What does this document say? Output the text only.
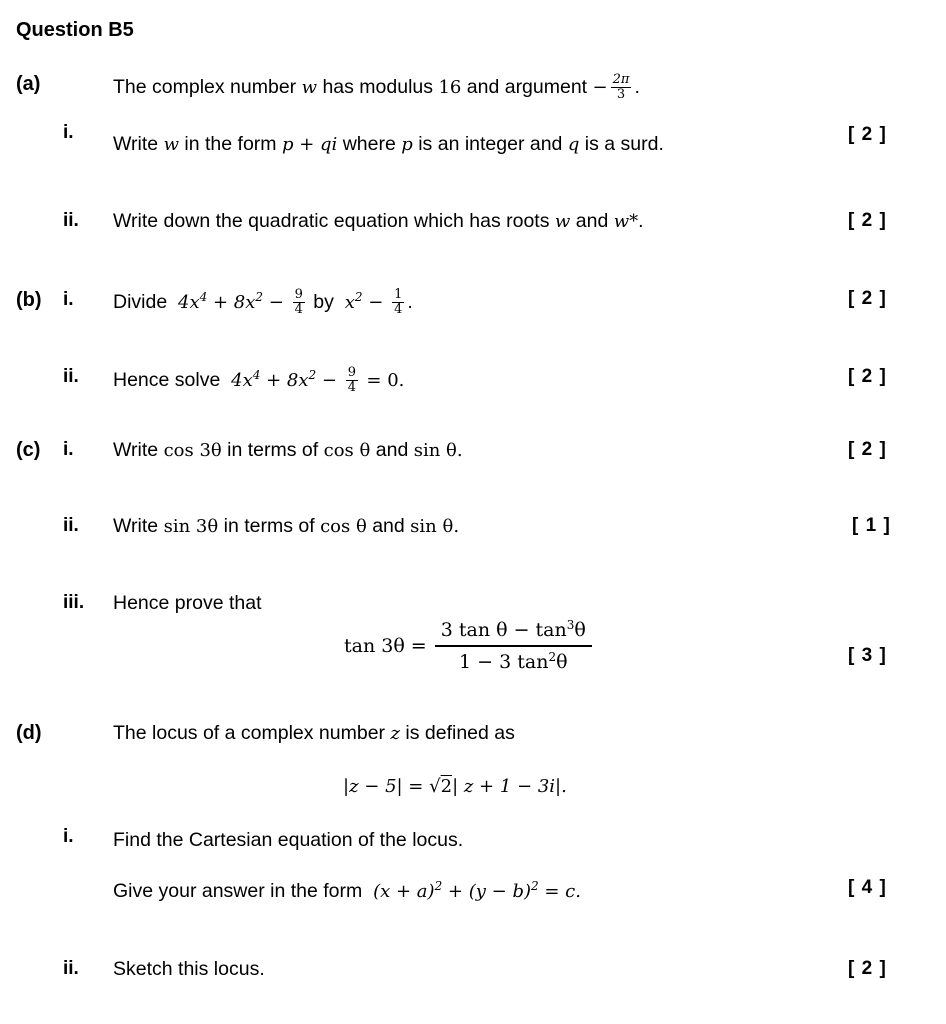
Question B5
(a)	The complex number w has modulus 16 and argument − $\frac{2\pi}{3}$ .
i.
Write w in the form p + qi where p is an integer and q is a surd.	[ 2 ]
ii. Write down the quadratic equation which has roots w and w*.	[ 2 ]
(b) i. Divide $4x^4 + 8x^2 - \frac{9}{4}$ by $x^2 - \frac{1}{4}$ .	[ 2 ]
ii. Hence solve $4x^4 + 8x^2 - \frac{9}{4} = 0$.	[ 2 ]
(c) i. Write cos 3θ in terms of cos θ and sin θ.	[ 2 ]
ii. Write sin 3θ in terms of cos θ and sin θ.	[ 1 ]
iii. Hence prove that
$\tan 3\theta = \frac{3 \tan \theta - \tan^3\theta}{1 - 3 \tan^2\theta}$	[ 3 ]
(d)	The locus of a complex number z is defined as
|z − 5| = √2| z + 1 − 3i|.
i. Find the Cartesian equation of the locus.
Give your answer in the form $(x + a)^2 + (y - b)^2 = c$.	[ 4 ]
ii. Sketch this locus.	[ 2 ]
